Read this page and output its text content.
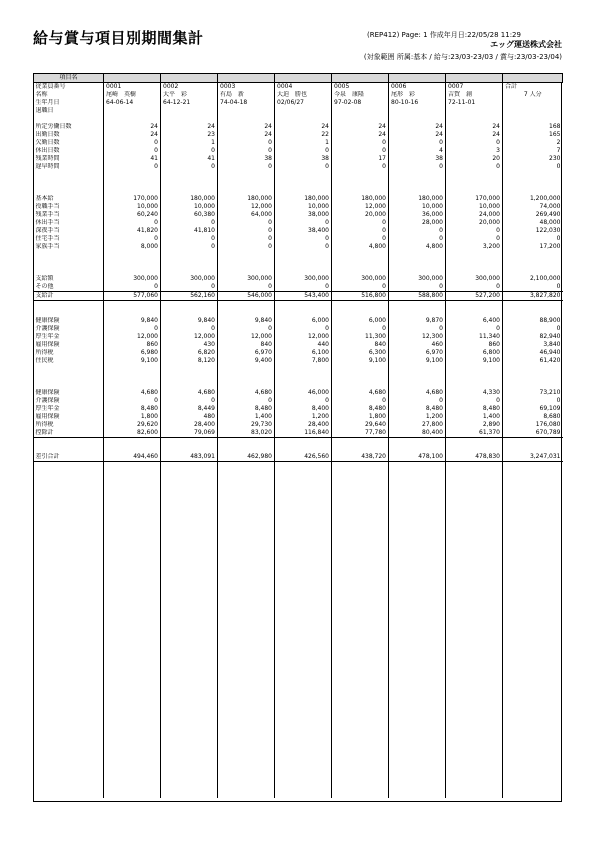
給与賞与項目別期間集計	(REP412) Page: 1 作成年月日:22/05/28 11:29
エッグ運送株式会社
(対象範囲 所属:基本 / 給与:23/03-23/03 / 賞与:23/03-23/04)
項目名								
従業員番号	0001	0002	0003	0004	0005	0006	0007	合計
名称	尾崎　英樹	大平　彩	有島　新	大迫　勝也	今泉　康隆	尾形　彩	吉賀　創	7 人分
生年月日	64-06-14	64-12-21	74-04-18	02/06/27	97-02-08	80-10-16	72-11-01	
退職日								

所定労働日数	24	24	24	24	24	24	24	168
出勤日数	24	23	24	22	24	24	24	165
欠勤日数	0	1	0	1	0	0	0	2
休出日数	0	0	0	0	0	4	3	7
残業時間	41	41	38	38	17	38	20	230
遅早時間	0	0	0	0	0	0	0	0

基本給	170,000	180,000	180,000	180,000	180,000	180,000	170,000	1,200,000
役職手当	10,000	10,000	12,000	10,000	12,000	10,000	10,000	74,000
残業手当	60,240	60,380	64,000	38,000	20,000	36,000	24,000	269,490
休出手当	0	0	0	0	0	28,000	20,000	48,000
深夜手当	41,820	41,810	0	38,400	0	0	0	122,030
住宅手当	0	0	0	0	0	0	0	0
家族手当	8,000	0	0	0	4,800	4,800	3,200	17,200

支給額	300,000	300,000	300,000	300,000	300,000	300,000	300,000	2,100,000
その他	0	0	0	0	0	0	0	0
支給計	577,060	562,160	546,000	543,400	516,800	588,800	527,200	3,827,820

健康保険	9,840	9,840	9,840	6,000	6,000	9,870	6,400	88,900
介護保険	0	0	0	0	0	0	0	0
厚生年金	12,000	12,000	12,000	12,000	11,300	12,300	11,340	82,940
雇用保険	860	430	840	440	840	460	860	3,840
所得税	6,980	6,820	6,970	6,100	6,300	6,970	6,800	46,940
住民税	9,100	8,120	9,400	7,800	9,100	9,100	9,100	61,420

健康保険	4,680	4,680	4,680	46,000	4,680	4,680	4,330	73,210
介護保険	0	0	0	0	0	0	0	0
厚生年金	8,480	8,449	8,480	8,400	8,480	8,480	8,480	69,109
雇用保険	1,800	480	1,400	1,200	1,800	1,200	1,400	8,680
所得税	29,620	28,400	29,730	28,400	29,640	27,800	2,890	176,080
控除計	82,600	79,069	83,020	116,840	77,780	80,400	61,370	670,789

差引合計	494,460	483,091	462,980	426,560	438,720	478,100	478,830	3,247,031
